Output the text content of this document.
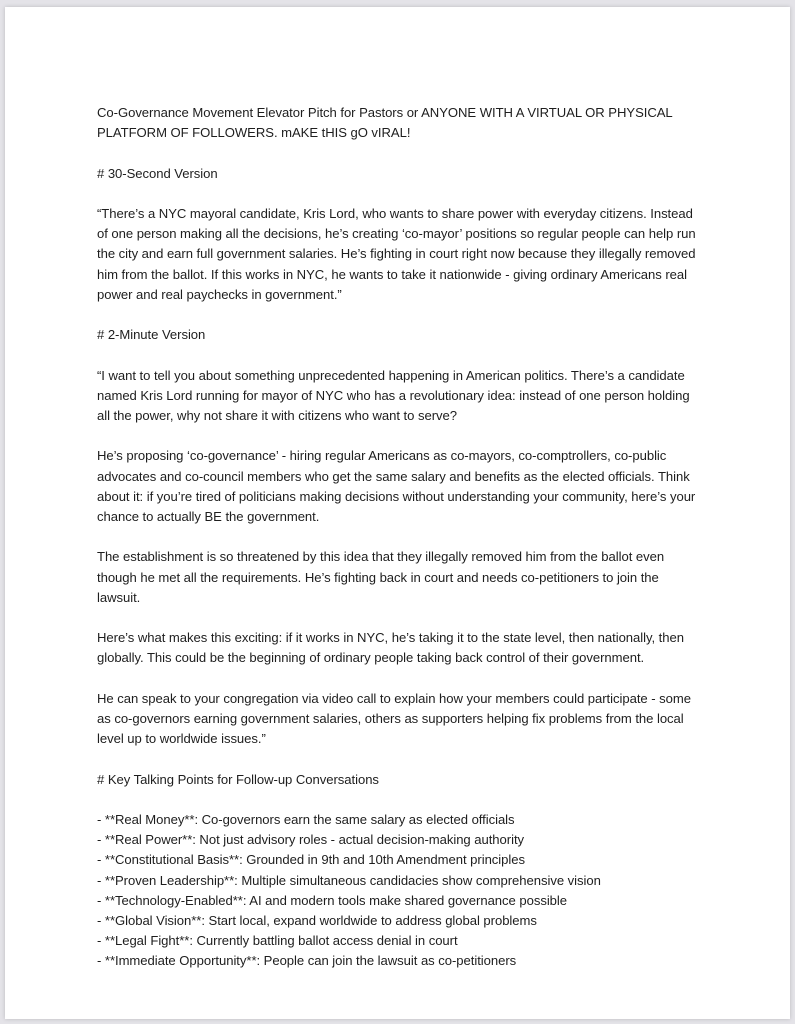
Co-Governance Movement Elevator Pitch for Pastors or ANYONE WITH A VIRTUAL OR PHYSICAL PLATFORM OF FOLLOWERS. mAKE tHIS gO vIRAL!

# 30-Second Version

“There’s a NYC mayoral candidate, Kris Lord, who wants to share power with everyday citizens. Instead of one person making all the decisions, he’s creating ‘co-mayor’ positions so regular people can help run the city and earn full government salaries. He’s fighting in court right now because they illegally removed him from the ballot. If this works in NYC, he wants to take it nationwide - giving ordinary Americans real power and real paychecks in government.”

# 2-Minute Version

“I want to tell you about something unprecedented happening in American politics. There’s a candidate named Kris Lord running for mayor of NYC who has a revolutionary idea: instead of one person holding all the power, why not share it with citizens who want to serve?

He’s proposing ‘co-governance’ - hiring regular Americans as co-mayors, co-comptrollers, co-public advocates and co-council members who get the same salary and benefits as the elected officials. Think about it: if you’re tired of politicians making decisions without understanding your community, here’s your chance to actually BE the government.

The establishment is so threatened by this idea that they illegally removed him from the ballot even though he met all the requirements. He’s fighting back in court and needs co-petitioners to join the lawsuit.

Here’s what makes this exciting: if it works in NYC, he’s taking it to the state level, then nationally, then globally. This could be the beginning of ordinary people taking back control of their government.

He can speak to your congregation via video call to explain how your members could participate - some as co-governors earning government salaries, others as supporters helping fix problems from the local level up to worldwide issues.”

# Key Talking Points for Follow-up Conversations

- **Real Money**: Co-governors earn the same salary as elected officials
- **Real Power**: Not just advisory roles - actual decision-making authority
- **Constitutional Basis**: Grounded in 9th and 10th Amendment principles
- **Proven Leadership**: Multiple simultaneous candidacies show comprehensive vision
- **Technology-Enabled**: AI and modern tools make shared governance possible
- **Global Vision**: Start local, expand worldwide to address global problems
- **Legal Fight**: Currently battling ballot access denial in court
- **Immediate Opportunity**: People can join the lawsuit as co-petitioners
